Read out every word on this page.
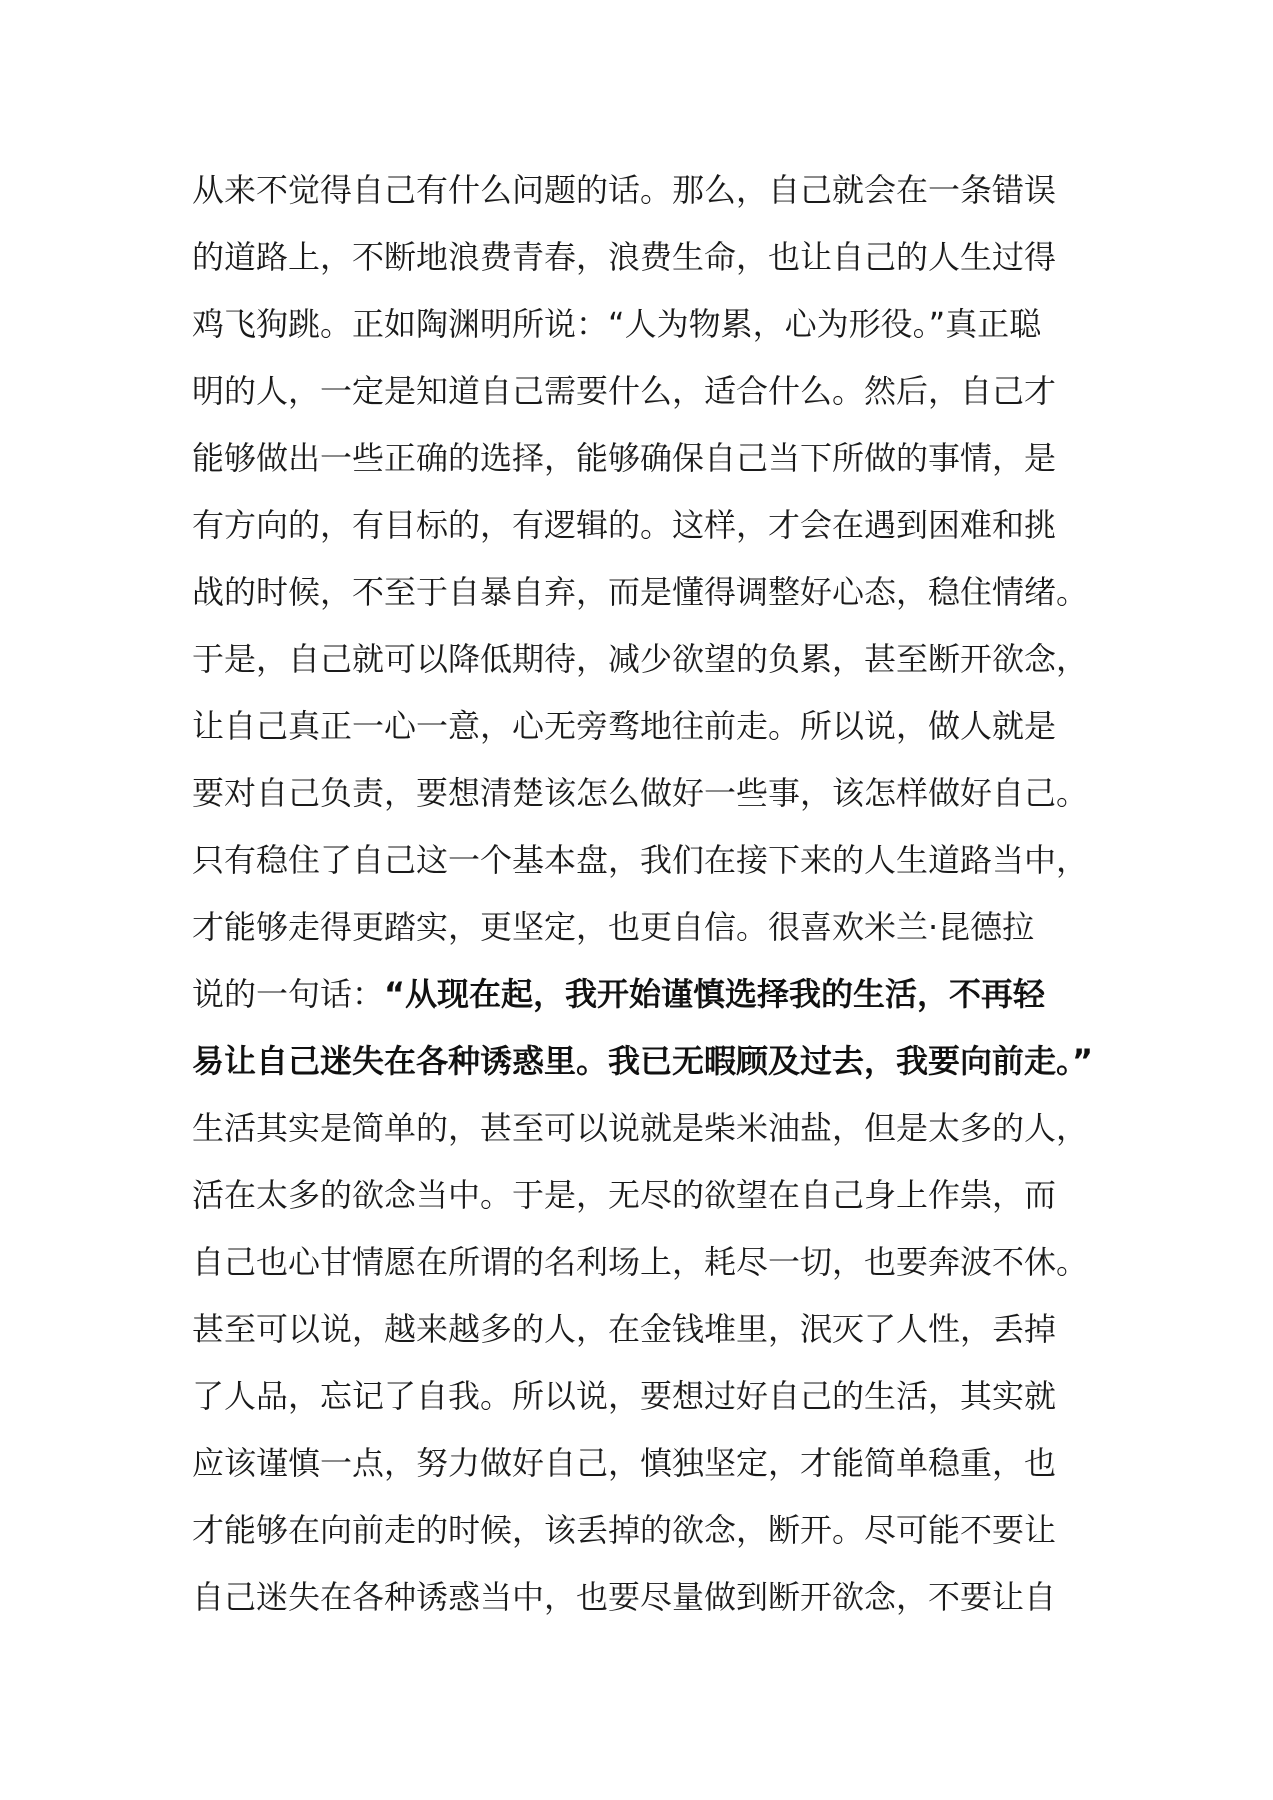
从来不觉得自己有什么问题的话。那么，自己就会在一条错误
的道路上，不断地浪费青春，浪费生命，也让自己的人生过得
鸡飞狗跳。正如陶渊明所说：“人为物累，心为形役。”真正聪
明的人，一定是知道自己需要什么，适合什么。然后，自己才
能够做出一些正确的选择，能够确保自己当下所做的事情，是
有方向的，有目标的，有逻辑的。这样，才会在遇到困难和挑
战的时候，不至于自暴自弃，而是懂得调整好心态，稳住情绪。
于是，自己就可以降低期待，减少欲望的负累，甚至断开欲念，
让自己真正一心一意，心无旁骛地往前走。所以说，做人就是
要对自己负责，要想清楚该怎么做好一些事，该怎样做好自己。
只有稳住了自己这一个基本盘，我们在接下来的人生道路当中，
才能够走得更踏实，更坚定，也更自信。很喜欢米兰·昆德拉
说的一句话：“从现在起，我开始谨慎选择我的生活，不再轻
易让自己迷失在各种诱惑里。我已无暇顾及过去，我要向前走。”
生活其实是简单的，甚至可以说就是柴米油盐，但是太多的人，
活在太多的欲念当中。于是，无尽的欲望在自己身上作祟，而
自己也心甘情愿在所谓的名利场上，耗尽一切，也要奔波不休。
甚至可以说，越来越多的人，在金钱堆里，泯灭了人性，丢掉
了人品，忘记了自我。所以说，要想过好自己的生活，其实就
应该谨慎一点，努力做好自己，慎独坚定，才能简单稳重，也
才能够在向前走的时候，该丢掉的欲念，断开。尽可能不要让
自己迷失在各种诱惑当中，也要尽量做到断开欲念，不要让自
